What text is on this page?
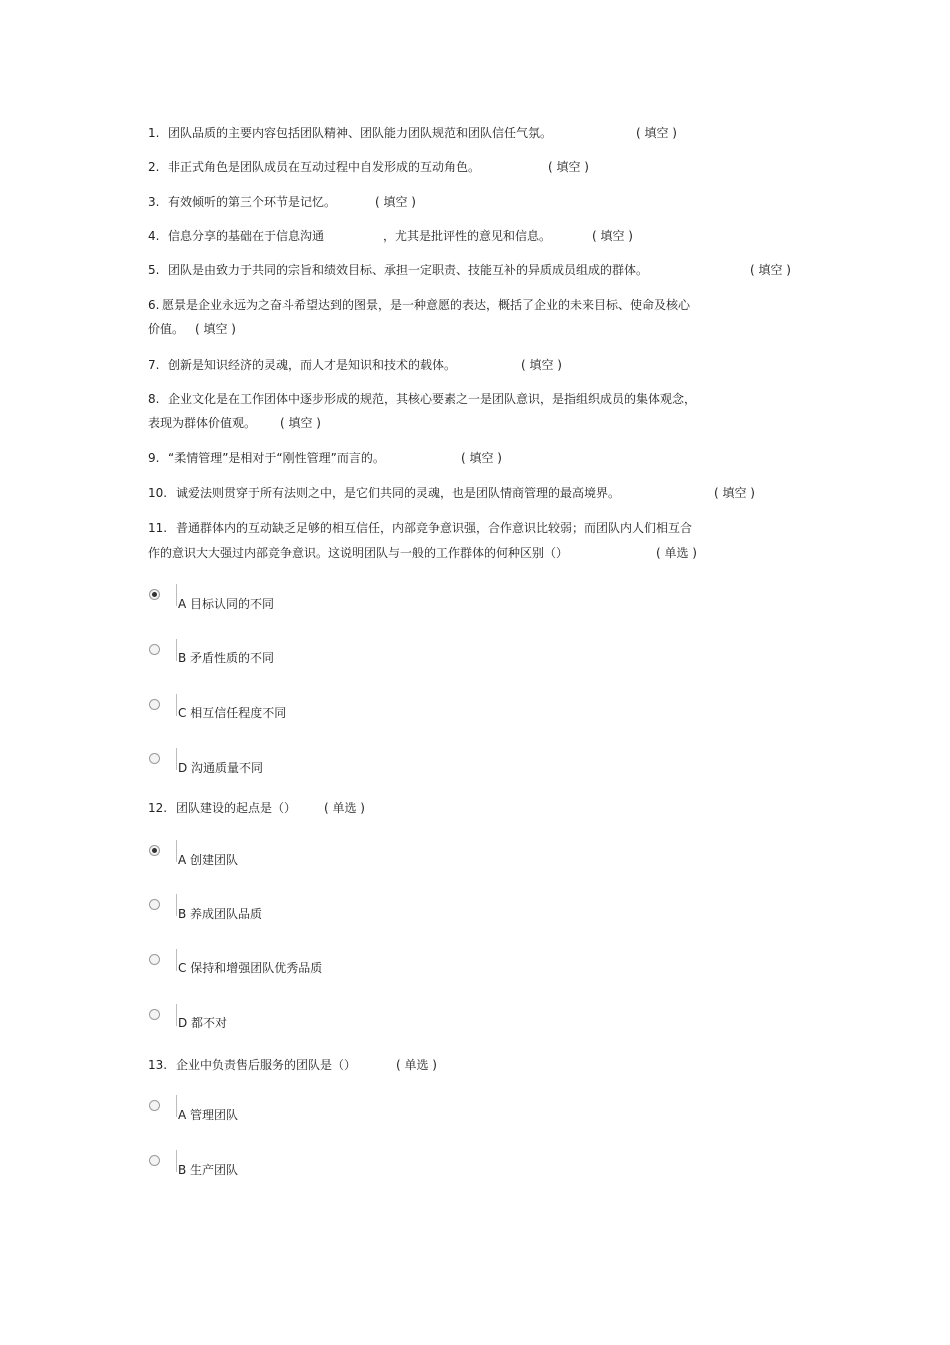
1. 团队品质的主要内容包括团队精神、团队能力团队规范和团队信任气氛。	( 填空 )
2. 非正式角色是团队成员在互动过程中自发形成的互动角色。	( 填空 )
3. 有效倾听的第三个环节是记忆。	( 填空 )
4. 信息分享的基础在于信息沟通	，尤其是批评性的意见和信息。	( 填空 )
5. 团队是由致力于共同的宗旨和绩效目标、承担一定职责、技能互补的异质成员组成的群体。	( 填空 )
6. 愿景是企业永远为之奋斗希望达到的图景，是一种意愿的表达，概括了企业的未来目标、使命及核心
价值。 ( 填空 )
7. 创新是知识经济的灵魂，而人才是知识和技术的载体。	( 填空 )
8. 企业文化是在工作团体中逐步形成的规范，其核心要素之一是团队意识，是指组织成员的集体观念，
表现为群体价值观。 ( 填空 )
9. “柔情管理”是相对于“刚性管理”而言的。	( 填空 )
10. 诚爱法则贯穿于所有法则之中，是它们共同的灵魂，也是团队情商管理的最高境界。	( 填空 )
11. 普通群体内的互动缺乏足够的相互信任，内部竞争意识强，合作意识比较弱；而团队内人们相互合
作的意识大大强过内部竞争意识。这说明团队与一般的工作群体的何种区别（）	( 单选 )
A 目标认同的不同
B 矛盾性质的不同
C 相互信任程度不同
D 沟通质量不同
12. 团队建设的起点是（） ( 单选 )
A 创建团队
B 养成团队品质
C 保持和增强团队优秀品质
D 都不对
13. 企业中负责售后服务的团队是（）	( 单选 )
A 管理团队
B 生产团队
